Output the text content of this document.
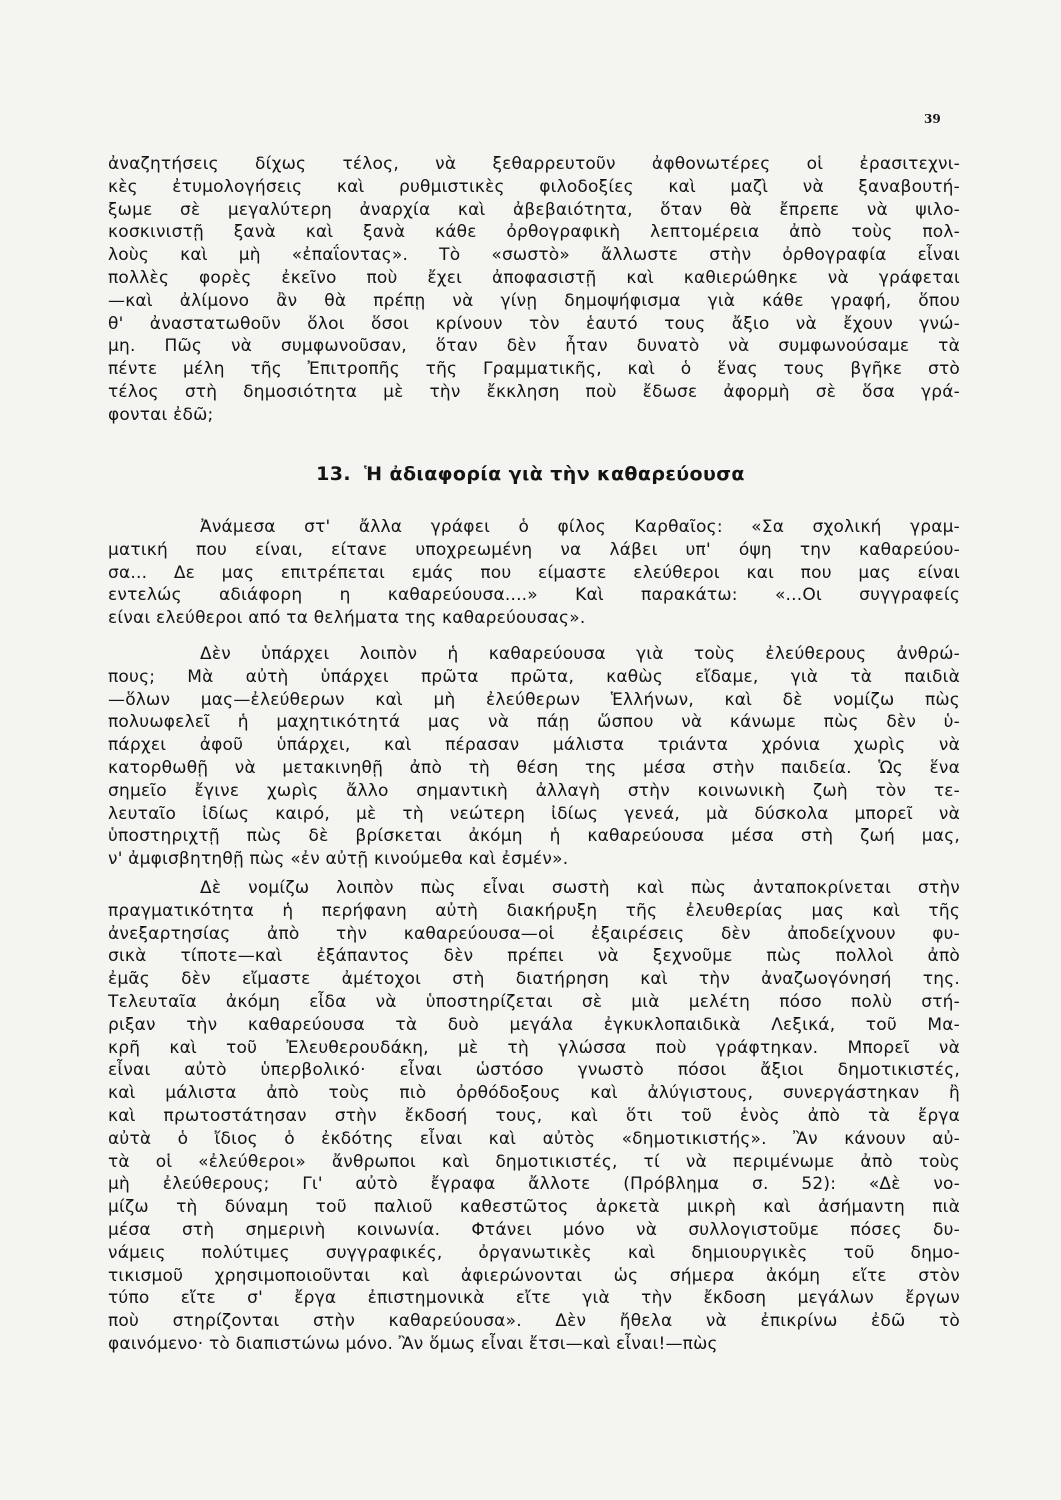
39
ἀναζητήσεις δίχως τέλος, νὰ ξεθαρρευτοῦν ἀφθονωτέρες οἱ ἐρασιτεχνι-
κὲς ἐτυμολογήσεις καὶ ρυθμιστικὲς φιλοδοξίες καὶ μαζὶ νὰ ξαναβουτή-
ξωμε σὲ μεγαλύτερη ἀναρχία καὶ ἀβεβαιότητα, ὅταν θὰ ἔπρεπε νὰ ψιλο-
κοσκινιστῇ ξανὰ καὶ ξανὰ κάθε ὀρθογραφικὴ λεπτομέρεια ἀπὸ τοὺς πολ-
λοὺς καὶ μὴ «ἐπαΐοντας». Τὸ «σωστὸ» ἄλλωστε στὴν ὀρθογραφία εἶναι
πολλὲς φορὲς ἐκεῖνο ποὺ ἔχει ἀποφασιστῇ καὶ καθιερώθηκε νὰ γράφεται
—καὶ ἀλίμονο ἂν θὰ πρέπῃ νὰ γίνῃ δημοψήφισμα γιὰ κάθε γραφή, ὅπου
θ' ἀναστατωθοῦν ὅλοι ὅσοι κρίνουν τὸν ἑαυτό τους ἄξιο νὰ ἔχουν γνώ-
μη. Πῶς νὰ συμφωνοῦσαν, ὅταν δὲν ἦταν δυνατὸ νὰ συμφωνούσαμε τὰ
πέντε μέλη τῆς Ἐπιτροπῆς τῆς Γραμματικῆς, καὶ ὁ ἕνας τους βγῆκε στὸ
τέλος στὴ δημοσιότητα μὲ τὴν ἔκκληση ποὺ ἔδωσε ἀφορμὴ σὲ ὅσα γρά-
φονται ἐδῶ;
13. Ἡ ἀδιαφορία γιὰ τὴν καθαρεύουσα
Ἀνάμεσα στ' ἄλλα γράφει ὁ φίλος Καρθαῖος: «Σα σχολική γραμ-
ματική που είναι, είτανε υποχρεωμένη να λάβει υπ' όψη την καθαρεύου-
σα... Δε μας επιτρέπεται εμάς που είμαστε ελεύθεροι και που μας είναι
εντελώς αδιάφορη η καθαρεύουσα....» Καὶ παρακάτω: «...Οι συγγραφείς
είναι ελεύθεροι από τα θελήματα της καθαρεύουσας».
Δὲν ὑπάρχει λοιπὸν ἡ καθαρεύουσα γιὰ τοὺς ἐλεύθερους ἀνθρώ-
πους; Μὰ αὐτὴ ὑπάρχει πρῶτα πρῶτα, καθὼς εἴδαμε, γιὰ τὰ παιδιὰ
—ὅλων μας—ἐλεύθερων καὶ μὴ ἐλεύθερων Ἑλλήνων, καὶ δὲ νομίζω πὼς
πολυωφελεῖ ἡ μαχητικότητά μας νὰ πάῃ ὥσπου νὰ κάνωμε πὼς δὲν ὑ-
πάρχει ἀφοῦ ὑπάρχει, καὶ πέρασαν μάλιστα τριάντα χρόνια χωρὶς νὰ
κατορθωθῇ νὰ μετακινηθῇ ἀπὸ τὴ θέση της μέσα στὴν παιδεία. Ὡς ἕνα
σημεῖο ἔγινε χωρὶς ἄλλο σημαντικὴ ἀλλαγὴ στὴν κοινωνικὴ ζωὴ τὸν τε-
λευταῖο ἰδίως καιρό, μὲ τὴ νεώτερη ἰδίως γενεά, μὰ δύσκολα μπορεῖ νὰ
ὑποστηριχτῇ πὼς δὲ βρίσκεται ἀκόμη ἡ καθαρεύουσα μέσα στὴ ζωή μας,
ν' ἀμφισβητηθῇ πὼς «ἐν αὐτῇ κινούμεθα καὶ ἐσμέν».
Δὲ νομίζω λοιπὸν πὼς εἶναι σωστὴ καὶ πὼς ἀνταποκρίνεται στὴν
πραγματικότητα ἡ περήφανη αὐτὴ διακήρυξη τῆς ἐλευθερίας μας καὶ τῆς
ἀνεξαρτησίας ἀπὸ τὴν καθαρεύουσα—οἱ ἐξαιρέσεις δὲν ἀποδείχνουν φυ-
σικὰ τίποτε—καὶ ἐξάπαντος δὲν πρέπει νὰ ξεχνοῦμε πὼς πολλοὶ ἀπὸ
ἐμᾶς δὲν εἴμαστε ἀμέτοχοι στὴ διατήρηση καὶ τὴν ἀναζωογόνησή της.
Τελευταῖα ἀκόμη εἶδα νὰ ὑποστηρίζεται σὲ μιὰ μελέτη πόσο πολὺ στή-
ριξαν τὴν καθαρεύουσα τὰ δυὸ μεγάλα ἐγκυκλοπαιδικὰ Λεξικά, τοῦ Μα-
κρῆ καὶ τοῦ Ἐλευθερουδάκη, μὲ τὴ γλώσσα ποὺ γράφτηκαν. Μπορεῖ νὰ
εἶναι αὐτὸ ὑπερβολικό· εἶναι ὡστόσο γνωστὸ πόσοι ἄξιοι δημοτικιστές,
καὶ μάλιστα ἀπὸ τοὺς πιὸ ὀρθόδοξους καὶ ἀλύγιστους, συνεργάστηκαν ἢ
καὶ πρωτοστάτησαν στὴν ἔκδοσή τους, καὶ ὅτι τοῦ ἑνὸς ἀπὸ τὰ ἔργα
αὐτὰ ὁ ἴδιος ὁ ἐκδότης εἶναι καὶ αὐτὸς «δημοτικιστής». Ἂν κάνουν αὐ-
τὰ οἱ «ἐλεύθεροι» ἄνθρωποι καὶ δημοτικιστές, τί νὰ περιμένωμε ἀπὸ τοὺς
μὴ ἐλεύθερους; Γι' αὐτὸ ἔγραφα ἄλλοτε (Πρόβλημα σ. 52): «Δὲ νο-
μίζω τὴ δύναμη τοῦ παλιοῦ καθεστῶτος ἀρκετὰ μικρὴ καὶ ἀσήμαντη πιὰ
μέσα στὴ σημερινὴ κοινωνία. Φτάνει μόνο νὰ συλλογιστοῦμε πόσες δυ-
νάμεις πολύτιμες συγγραφικές, ὀργανωτικὲς καὶ δημιουργικὲς τοῦ δημο-
τικισμοῦ χρησιμοποιοῦνται καὶ ἀφιερώνονται ὡς σήμερα ἀκόμη εἴτε στὸν
τύπο εἴτε σ' ἔργα ἐπιστημονικὰ εἴτε γιὰ τὴν ἔκδοση μεγάλων ἔργων
ποὺ στηρίζονται στὴν καθαρεύουσα». Δὲν ἤθελα νὰ ἐπικρίνω ἐδῶ τὸ
φαινόμενο· τὸ διαπιστώνω μόνο. Ἂν ὅμως εἶναι ἔτσι—καὶ εἶναι!—πὼς
